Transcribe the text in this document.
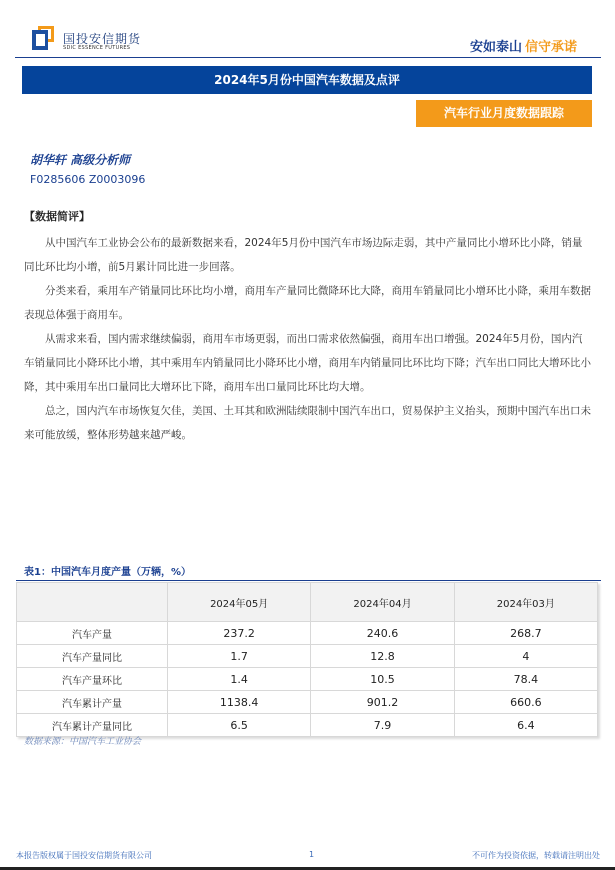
国投安信期货
SDIC ESSENCE FUTURES	安如泰山 信守承诺
2024年5月份中国汽车数据及点评
汽车行业月度数据跟踪
胡华轩 高级分析师
F0285606 Z0003096
【数据简评】

从中国汽车工业协会公布的最新数据来看，2024年5月份中国汽车市场边际走弱，其中产量同比小增环比小降，销量同比环比均小增，前5月累计同比进一步回落。

分类来看，乘用车产销量同比环比均小增，商用车产量同比微降环比大降，商用车销量同比小增环比小降，乘用车数据表现总体强于商用车。

从需求来看，国内需求继续偏弱，商用车市场更弱，而出口需求依然偏强，商用车出口增强。2024年5月份，国内汽车销量同比小降环比小增，其中乘用车内销量同比小降环比小增，商用车内销量同比环比均下降；汽车出口同比大增环比小降，其中乘用车出口量同比大增环比下降，商用车出口量同比环比均大增。

总之，国内汽车市场恢复欠佳，美国、土耳其和欧洲陆续限制中国汽车出口，贸易保护主义抬头，预期中国汽车出口未来可能放缓，整体形势越来越严峻。

表1：中国汽车月度产量（万辆，%）
	2024年05月	2024年04月	2024年03月
汽车产量	237.2	240.6	268.7
汽车产量同比	1.7	12.8	4
汽车产量环比	1.4	10.5	78.4
汽车累计产量	1138.4	901.2	660.6
汽车累计产量同比	6.5	7.9	6.4
数据来源：中国汽车工业协会
本报告版权属于国投安信期货有限公司	1	不可作为投资依据，转载请注明出处
